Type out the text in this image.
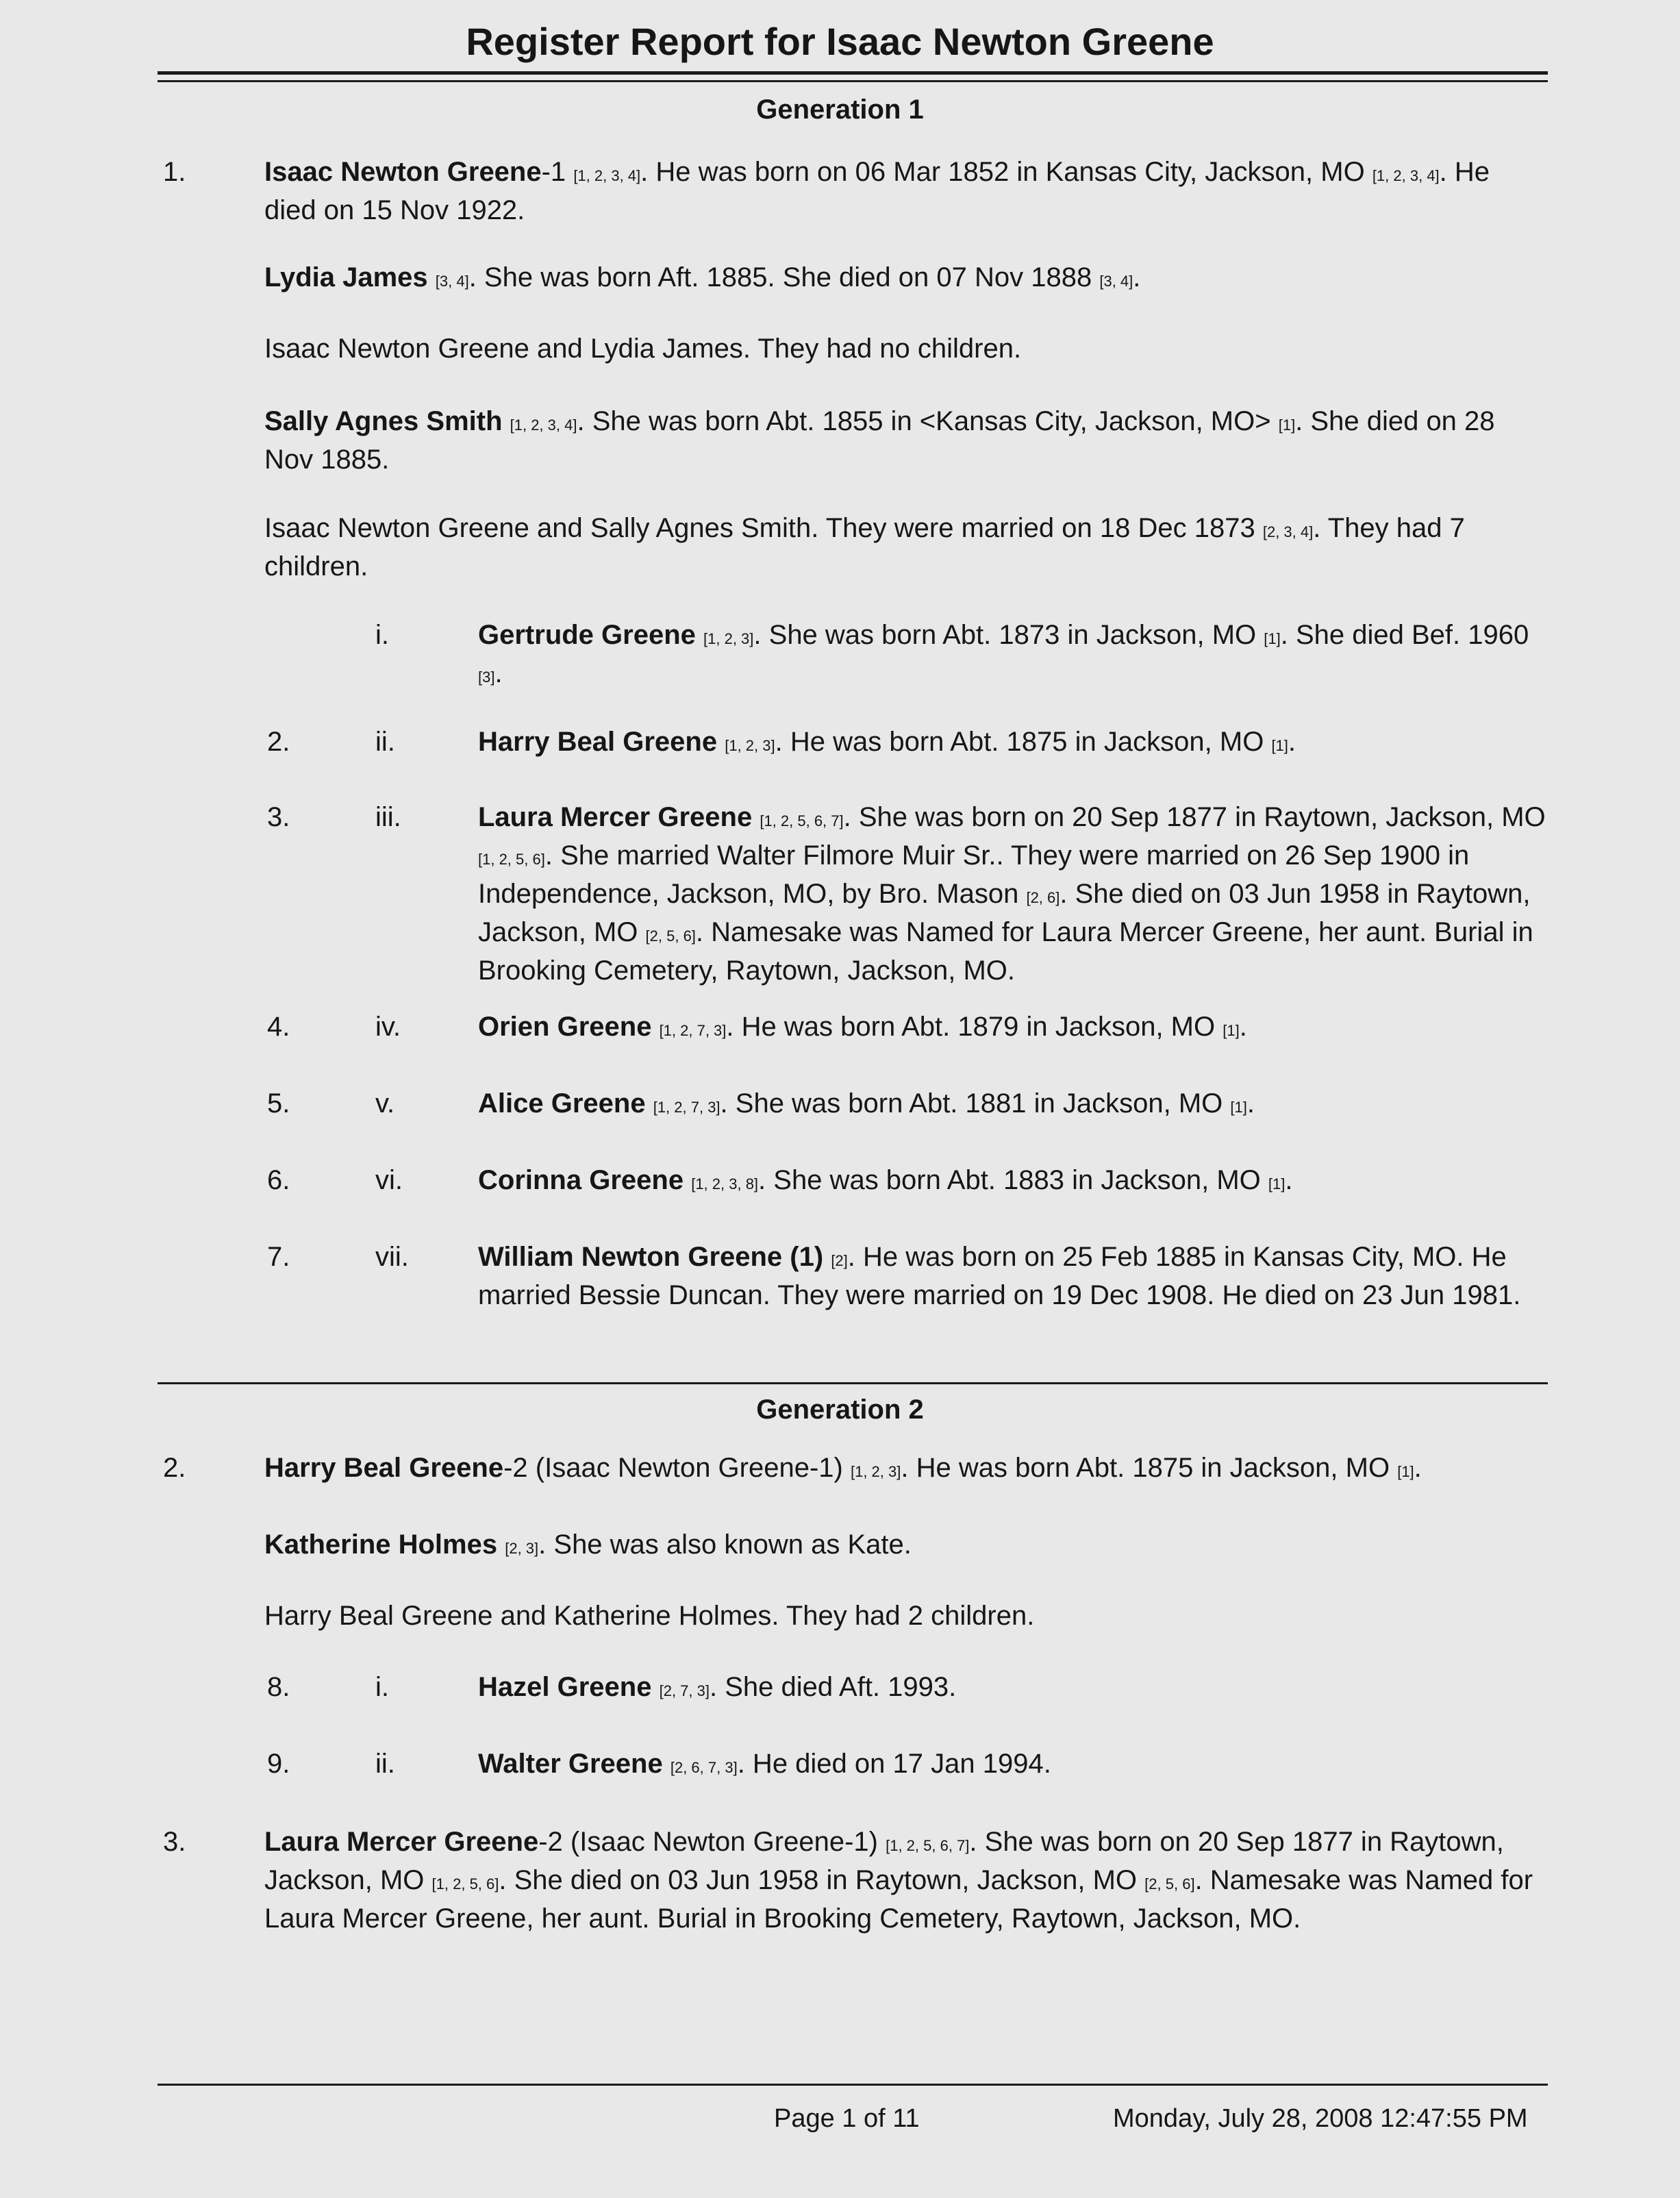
Register Report for Isaac Newton Greene
Generation 1
1.	Isaac Newton Greene-1 [1, 2, 3, 4]. He was born on 06 Mar 1852 in Kansas City, Jackson, MO [1, 2, 3, 4]. He died on 15 Nov 1922.

Lydia James [3, 4]. She was born Aft. 1885. She died on 07 Nov 1888 [3, 4].

Isaac Newton Greene and Lydia James. They had no children.

Sally Agnes Smith [1, 2, 3, 4]. She was born Abt. 1855 in <Kansas City, Jackson, MO> [1]. She died on 28 Nov 1885.

Isaac Newton Greene and Sally Agnes Smith. They were married on 18 Dec 1873 [2, 3, 4]. They had 7 children.

i.	Gertrude Greene [1, 2, 3]. She was born Abt. 1873 in Jackson, MO [1]. She died Bef. 1960 [3].

2.	ii.	Harry Beal Greene [1, 2, 3]. He was born Abt. 1875 in Jackson, MO [1].

3.	iii.	Laura Mercer Greene [1, 2, 5, 6, 7]. She was born on 20 Sep 1877 in Raytown, Jackson, MO [1, 2, 5, 6]. She married Walter Filmore Muir Sr.. They were married on 26 Sep 1900 in Independence, Jackson, MO, by Bro. Mason [2, 6]. She died on 03 Jun 1958 in Raytown, Jackson, MO [2, 5, 6]. Namesake was Named for Laura Mercer Greene, her aunt. Burial in Brooking Cemetery, Raytown, Jackson, MO.

4.	iv.	Orien Greene [1, 2, 7, 3]. He was born Abt. 1879 in Jackson, MO [1].

5.	v.	Alice Greene [1, 2, 7, 3]. She was born Abt. 1881 in Jackson, MO [1].

6.	vi.	Corinna Greene [1, 2, 3, 8]. She was born Abt. 1883 in Jackson, MO [1].

7.	vii.	William Newton Greene (1) [2]. He was born on 25 Feb 1885 in Kansas City, MO. He married Bessie Duncan. They were married on 19 Dec 1908. He died on 23 Jun 1981.

Generation 2
2.	Harry Beal Greene-2 (Isaac Newton Greene-1) [1, 2, 3]. He was born Abt. 1875 in Jackson, MO [1].

Katherine Holmes [2, 3]. She was also known as Kate.

Harry Beal Greene and Katherine Holmes. They had 2 children.

8.	i.	Hazel Greene [2, 7, 3]. She died Aft. 1993.

9.	ii.	Walter Greene [2, 6, 7, 3]. He died on 17 Jan 1994.

3.	Laura Mercer Greene-2 (Isaac Newton Greene-1) [1, 2, 5, 6, 7]. She was born on 20 Sep 1877 in Raytown, Jackson, MO [1, 2, 5, 6]. She died on 03 Jun 1958 in Raytown, Jackson, MO [2, 5, 6]. Namesake was Named for Laura Mercer Greene, her aunt. Burial in Brooking Cemetery, Raytown, Jackson, MO.

Page 1 of 11	Monday, July 28, 2008 12:47:55 PM
